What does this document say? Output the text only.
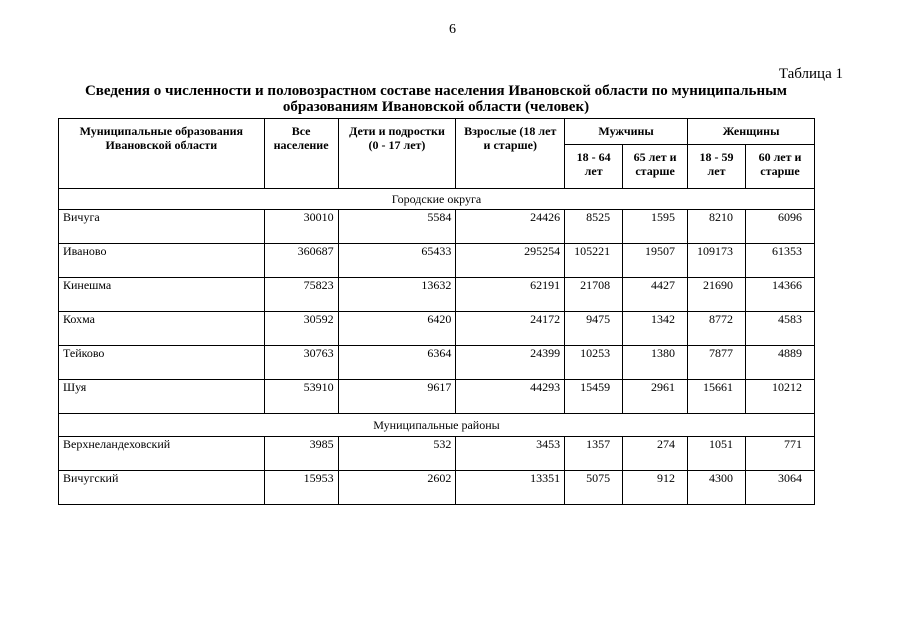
6
Таблица 1
Сведения о численности и половозрастном составе населения Ивановской области по муниципальным образованиям Ивановской области (человек)
Муниципальные образования Ивановской области	Все население	Дети и подростки (0 - 17 лет)	Взрослые (18 лет и старше)	Мужчины		Женщины	
				18 - 64 лет	65 лет и старше	18 - 59 лет	60 лет и старше
Городские округа							
Вичуга	30010	5584	24426	8525	1595	8210	6096
Иваново	360687	65433	295254	105221	19507	109173	61353
Кинешма	75823	13632	62191	21708	4427	21690	14366
Кохма	30592	6420	24172	9475	1342	8772	4583
Тейково	30763	6364	24399	10253	1380	7877	4889
Шуя	53910	9617	44293	15459	2961	15661	10212
Муниципальные районы							
Верхнеландеховский	3985	532	3453	1357	274	1051	771
Вичугский	15953	2602	13351	5075	912	4300	3064
